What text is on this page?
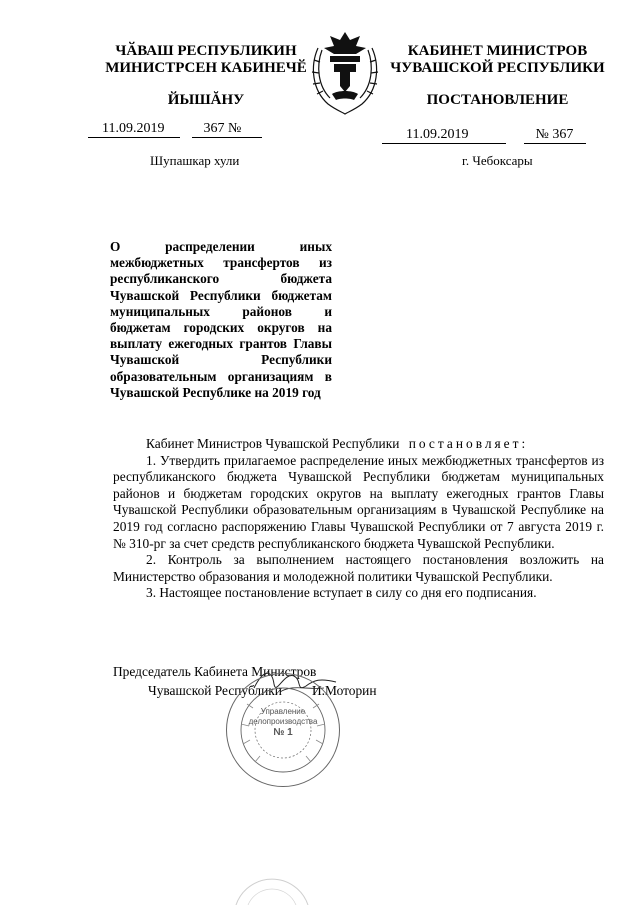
ЧӐВАШ РЕСПУБЛИКИН
МИНИСТРСЕН КАБИНЕЧӖ
ЙЫШĂНУ
11.09.2019	367 №
Шупашкар хули
КАБИНЕТ МИНИСТРОВ
ЧУВАШСКОЙ РЕСПУБЛИКИ
ПОСТАНОВЛЕНИЕ
11.09.2019	№ 367
г. Чебоксары
О распределении иных межбюджетных трансфертов из республиканского бюджета Чувашской Республики бюджетам муниципальных районов и бюджетам городских округов на выплату ежегодных грантов Главы Чувашской Республики образовательным организациям в Чувашской Республике на 2019 год

Кабинет Министров Чувашской Республики постановляет:

1. Утвердить прилагаемое распределение иных межбюджетных трансфертов из республиканского бюджета Чувашской Республики бюджетам муниципальных районов и бюджетам городских округов на выплату ежегодных грантов Главы Чувашской Республики образовательным организациям в Чувашской Республике на 2019 год согласно распоряжению Главы Чувашской Республики от 7 августа 2019 г. № 310-рг за счет средств республиканского бюджета Чувашской Республики.

2. Контроль за выполнением настоящего постановления возложить на Министерство образования и молодежной политики Чувашской Республики.

3. Настоящее постановление вступает в силу со дня его подписания.

Председатель Кабинета Министров
Чувашской Республики И.Моторин
Управление
делопроизводства
№ 1
